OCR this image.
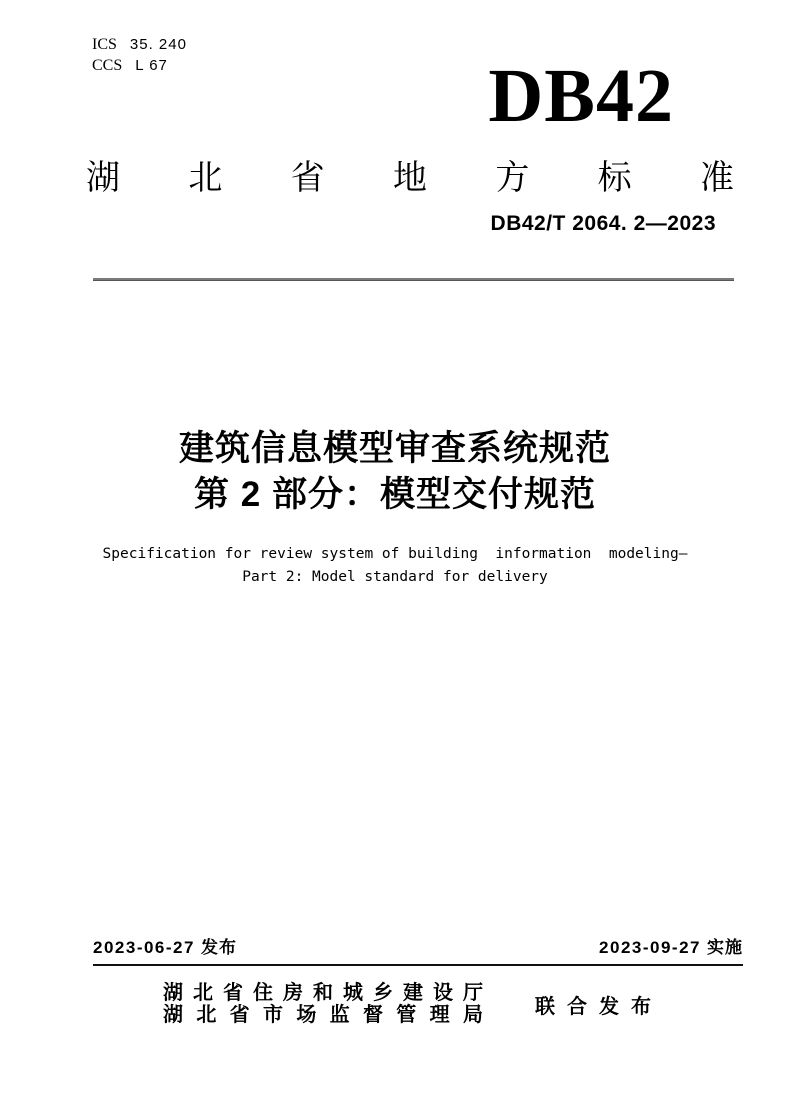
ICS 35. 240
CCS L 67	DB42
湖 北 省 地 方 标 准
DB42/T 2064. 2—2023
建筑信息模型审查系统规范
第 2 部分：模型交付规范
Specification for review system of building  information  modeling—
Part 2: Model standard for delivery
2023-06-27 发布	2023-09-27 实施
湖 北 省 住 房 和 城 乡 建 设 厅
湖 北 省 市 场 监 督 管 理 局	联 合 发 布
